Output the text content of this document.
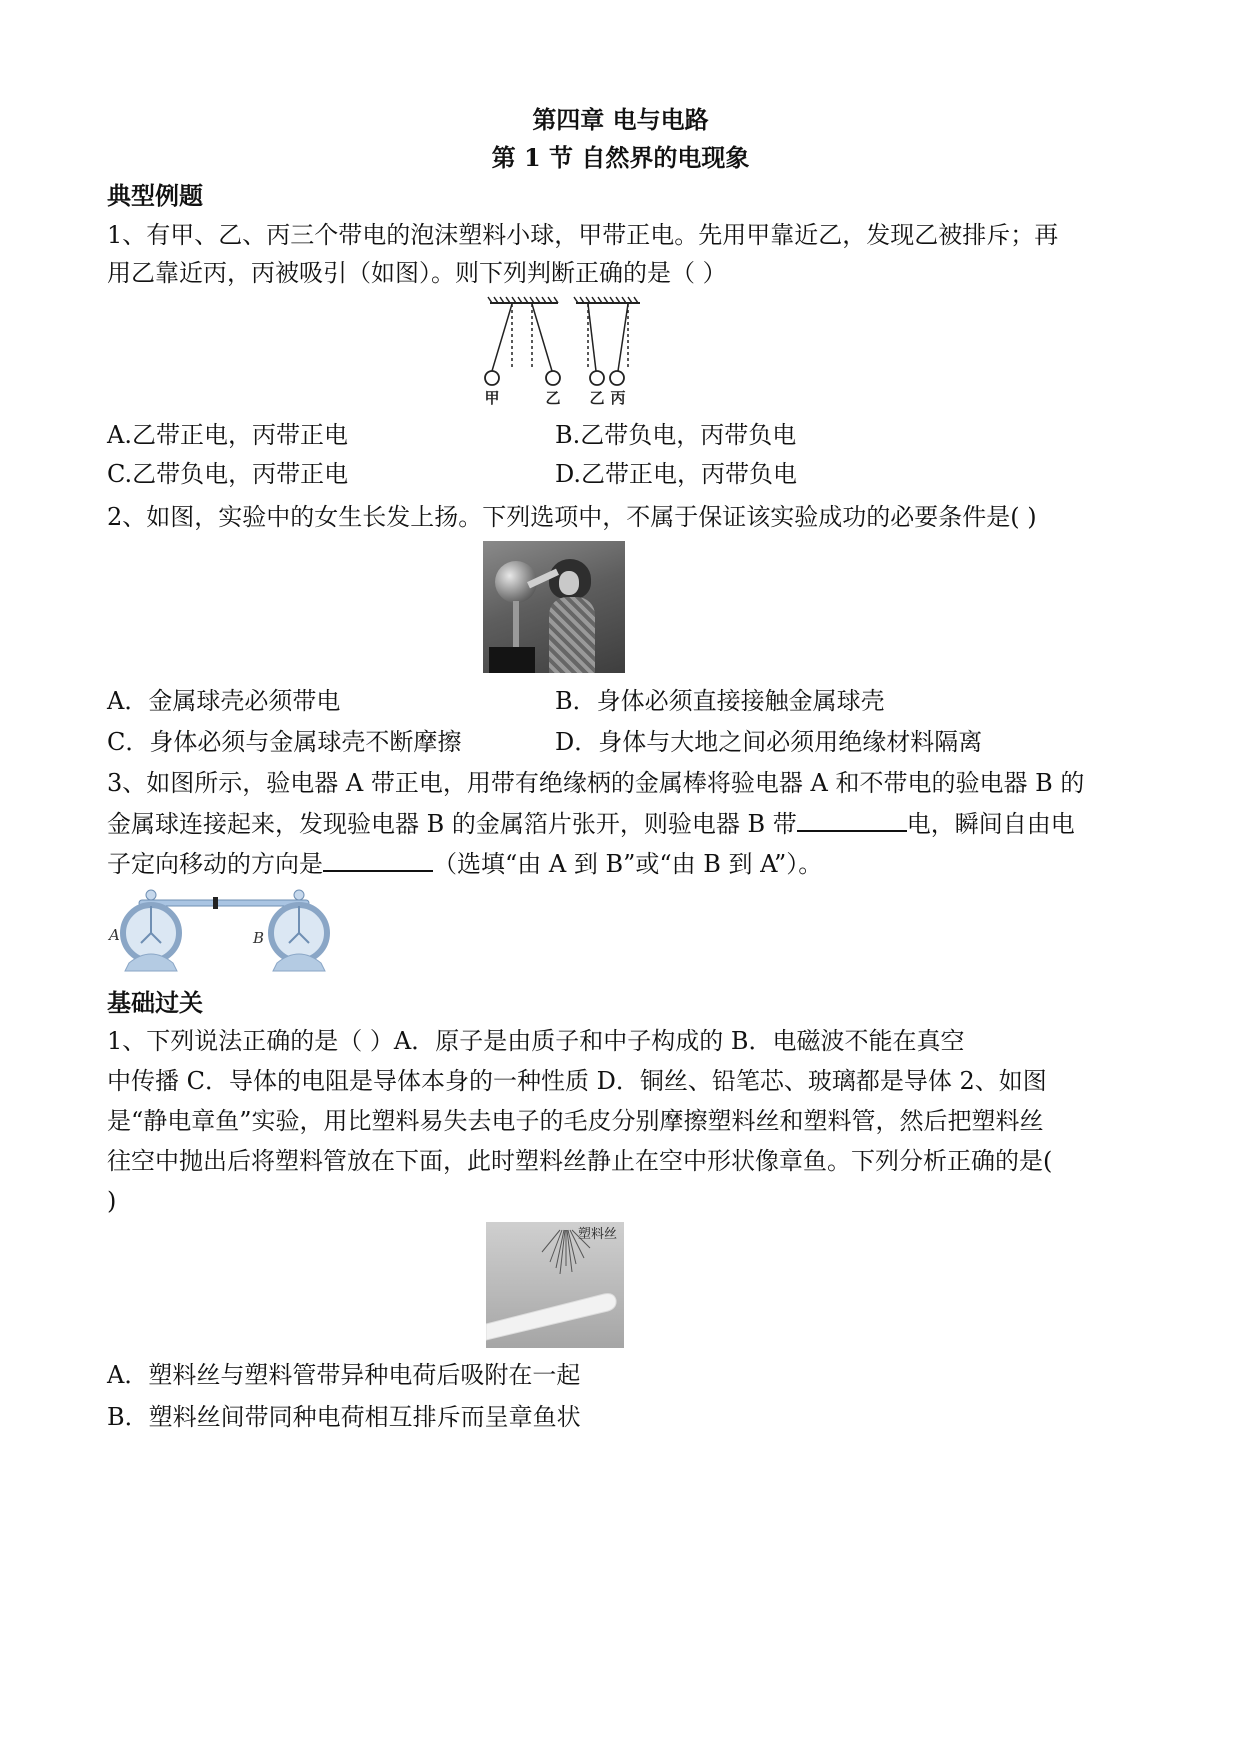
第四章 电与电路
第 1 节 自然界的电现象
典型例题
1、有甲、乙、丙三个带电的泡沫塑料小球，甲带正电。先用甲靠近乙，发现乙被排斥；再
用乙靠近丙，丙被吸引（如图）。则下列判断正确的是（ ）
甲	乙 乙 丙
A.乙带正电，丙带正电	B.乙带负电，丙带负电
C.乙带负电，丙带正电	D.乙带正电，丙带负电
2、如图，实验中的女生长发上扬。下列选项中，不属于保证该实验成功的必要条件是( )
A．金属球壳必须带电	B．身体必须直接接触金属球壳
C．身体必须与金属球壳不断摩擦	D．身体与大地之间必须用绝缘材料隔离
3、如图所示，验电器 A 带正电，用带有绝缘柄的金属棒将验电器 A 和不带电的验电器 B 的
金属球连接起来，发现验电器 B 的金属箔片张开，则验电器 B 带	电，瞬间自由电
子定向移动的方向是	（选填“由 A 到 B”或“由 B 到 A”）。
A	B
基础过关
1、下列说法正确的是（ ）A．原子是由质子和中子构成的 B．电磁波不能在真空
中传播 C．导体的电阻是导体本身的一种性质 D．铜丝、铅笔芯、玻璃都是导体 2、如图
是“静电章鱼”实验，用比塑料易失去电子的毛皮分别摩擦塑料丝和塑料管，然后把塑料丝
往空中抛出后将塑料管放在下面，此时塑料丝静止在空中形状像章鱼。下列分析正确的是(
)
塑料丝
A．塑料丝与塑料管带异种电荷后吸附在一起
B．塑料丝间带同种电荷相互排斥而呈章鱼状
